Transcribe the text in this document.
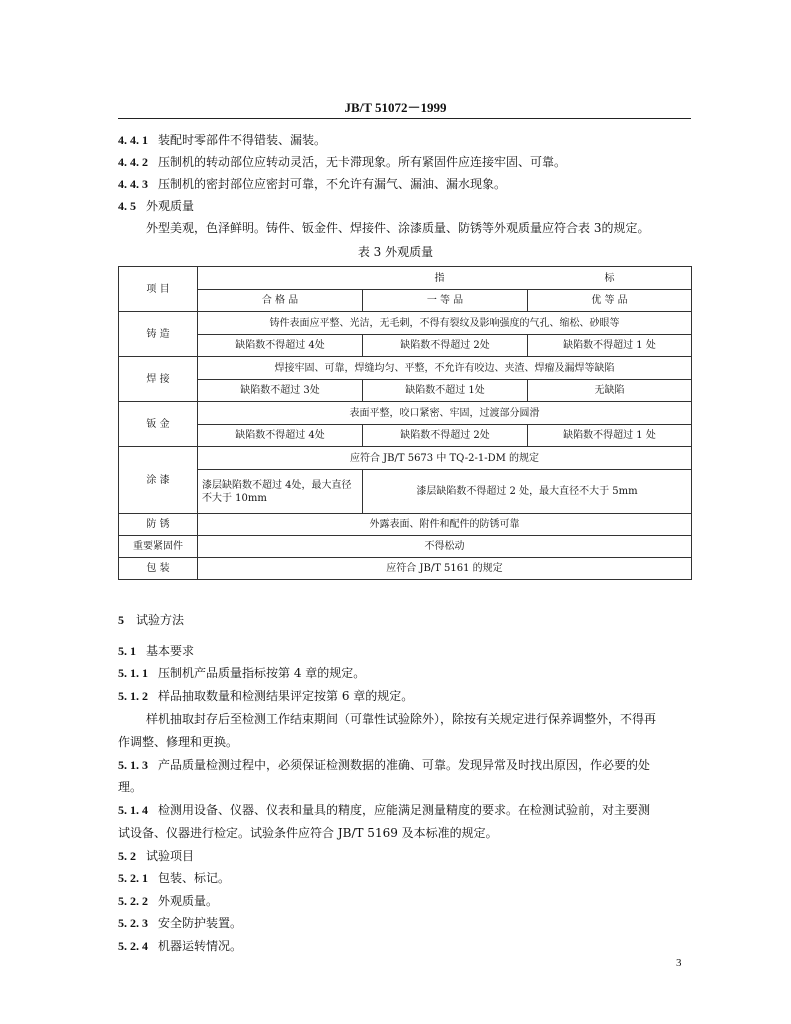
JB/T 51072－1999
4. 4. 1 装配时零部件不得错装、漏装。
4. 4. 2 压制机的转动部位应转动灵活，无卡滞现象。所有紧固件应连接牢固、可靠。
4. 4. 3 压制机的密封部位应密封可靠，不允许有漏气、漏油、漏水现象。
4. 5 外观质量
外型美观，色泽鲜明。铸件、钣金件、焊接件、涂漆质量、防锈等外观质量应符合表 3的规定。
表 3 外观质量
项 目	指 标		
	合 格 品	一 等 品	优 等 品
铸 造	铸件表面应平整、光洁，无毛刺，不得有裂纹及影响强度的气孔、缩松、砂眼等		
	缺陷数不得超过 4处	缺陷数不得超过 2处	缺陷数不得超过 1 处
焊 接	焊接牢固、可靠，焊缝均匀、平整，不允许有咬边、夹渣、焊瘤及漏焊等缺陷		
	缺陷数不超过 3处	缺陷数不超过 1处	无缺陷
钣 金	表面平整，咬口紧密、牢固，过渡部分圆滑		
	缺陷数不得超过 4处	缺陷数不得超过 2处	缺陷数不得超过 1 处
涂 漆	应符合 JB/T 5673 中 TQ-2-1-DM 的规定		
	漆层缺陷数不超过 4处，最大直径不大于 10mm	漆层缺陷数不得超过 2 处，最大直径不大于 5mm	
防 锈	外露表面、附件和配件的防锈可靠		
重要紧固件	不得松动		
包 装	应符合 JB/T 5161 的规定		
5 试验方法
5. 1 基本要求
5. 1. 1 压制机产品质量指标按第 4 章的规定。
5. 1. 2 样品抽取数量和检测结果评定按第 6 章的规定。
样机抽取封存后至检测工作结束期间（可靠性试验除外），除按有关规定进行保养调整外，不得再
作调整、修理和更换。
5. 1. 3 产品质量检测过程中，必须保证检测数据的准确、可靠。发现异常及时找出原因，作必要的处
理。
5. 1. 4 检测用设备、仪器、仪表和量具的精度，应能满足测量精度的要求。在检测试验前，对主要测
试设备、仪器进行检定。试验条件应符合 JB/T 5169 及本标准的规定。
5. 2 试验项目
5. 2. 1 包装、标记。
5. 2. 2 外观质量。
5. 2. 3 安全防护装置。
5. 2. 4 机器运转情况。
3
